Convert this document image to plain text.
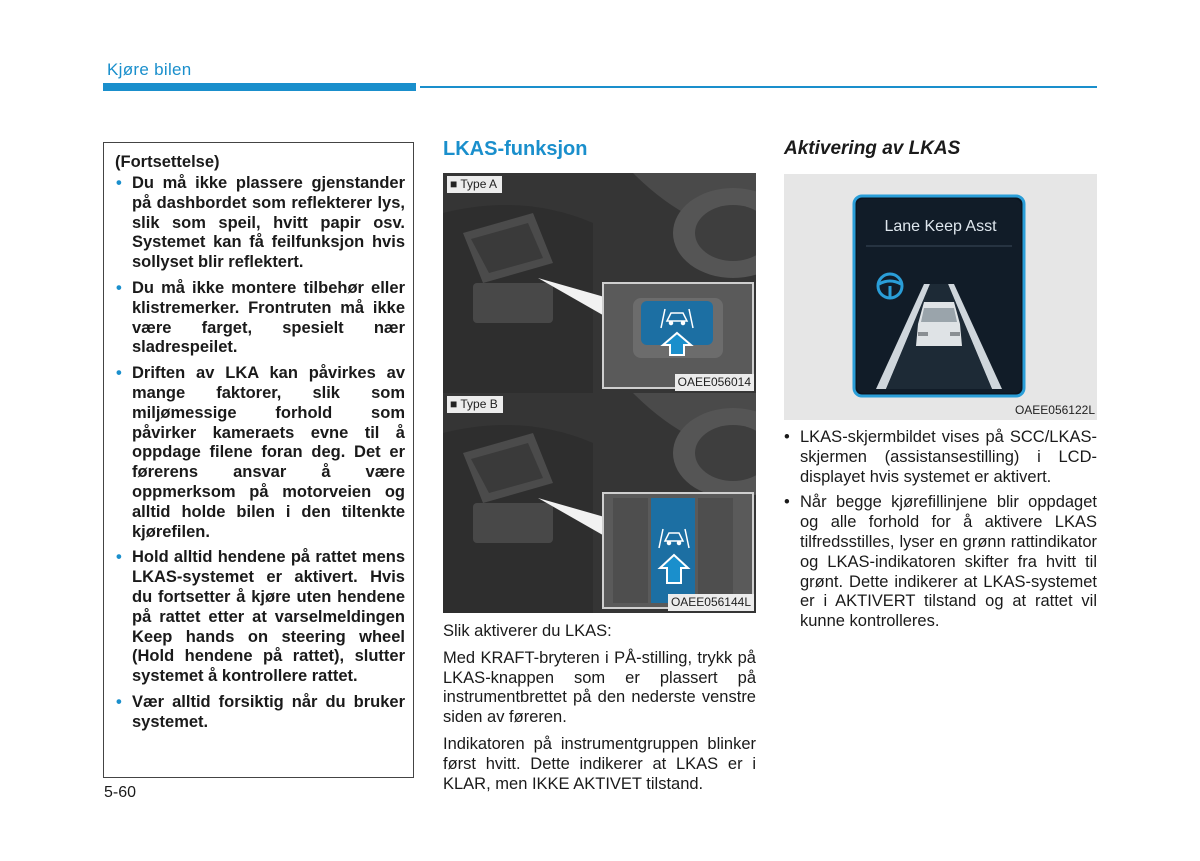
Kjøre bilen
(Fortsettelse)
• Du må ikke plassere gjenstander på dashbordet som reflekterer lys, slik som speil, hvitt papir osv. Systemet kan få feilfunksjon hvis sollyset blir reflektert.
• Du må ikke montere tilbehør eller klistremerker. Frontruten må ikke være farget, spesielt nær sladrespeilet.
• Driften av LKA kan påvirkes av mange faktorer, slik som miljømessige forhold som påvirker kameraets evne til å oppdage filene foran deg. Det er førerens ansvar å være oppmerksom på motorveien og alltid holde bilen i den tiltenkte kjørefilen.
• Hold alltid hendene på rattet mens LKAS-systemet er aktivert. Hvis du fortsetter å kjøre uten hendene på rattet etter at varselmeldingen Keep hands on steering wheel (Hold hendene på rattet), slutter systemet å kontrollere rattet.
• Vær alltid forsiktig når du bruker systemet.
5-60
LKAS-funksjon
■ Type A
OAEE056014
■ Type B
OAEE056144L

Slik aktiverer du LKAS:

Med KRAFT-bryteren i PÅ-stilling, trykk på LKAS-knappen som er plassert på instrumentbrettet på den nederste venstre siden av føreren.

Indikatoren på instrumentgruppen blinker først hvitt. Dette indikerer at LKAS er i KLAR, men IKKE AKTIVET tilstand.

Aktivering av LKAS
Lane Keep Asst
OAEE056122L
• LKAS-skjermbildet vises på SCC/LKAS-skjermen (assistansestilling) i LCD-displayet hvis systemet er aktivert.
• Når begge kjørefillinjene blir oppdaget og alle forhold for å aktivere LKAS tilfredsstilles, lyser en grønn rattindikator og LKAS-indikatoren skifter fra hvitt til grønt. Dette indikerer at LKAS-systemet er i AKTIVERT tilstand og at rattet vil kunne kontrolleres.
